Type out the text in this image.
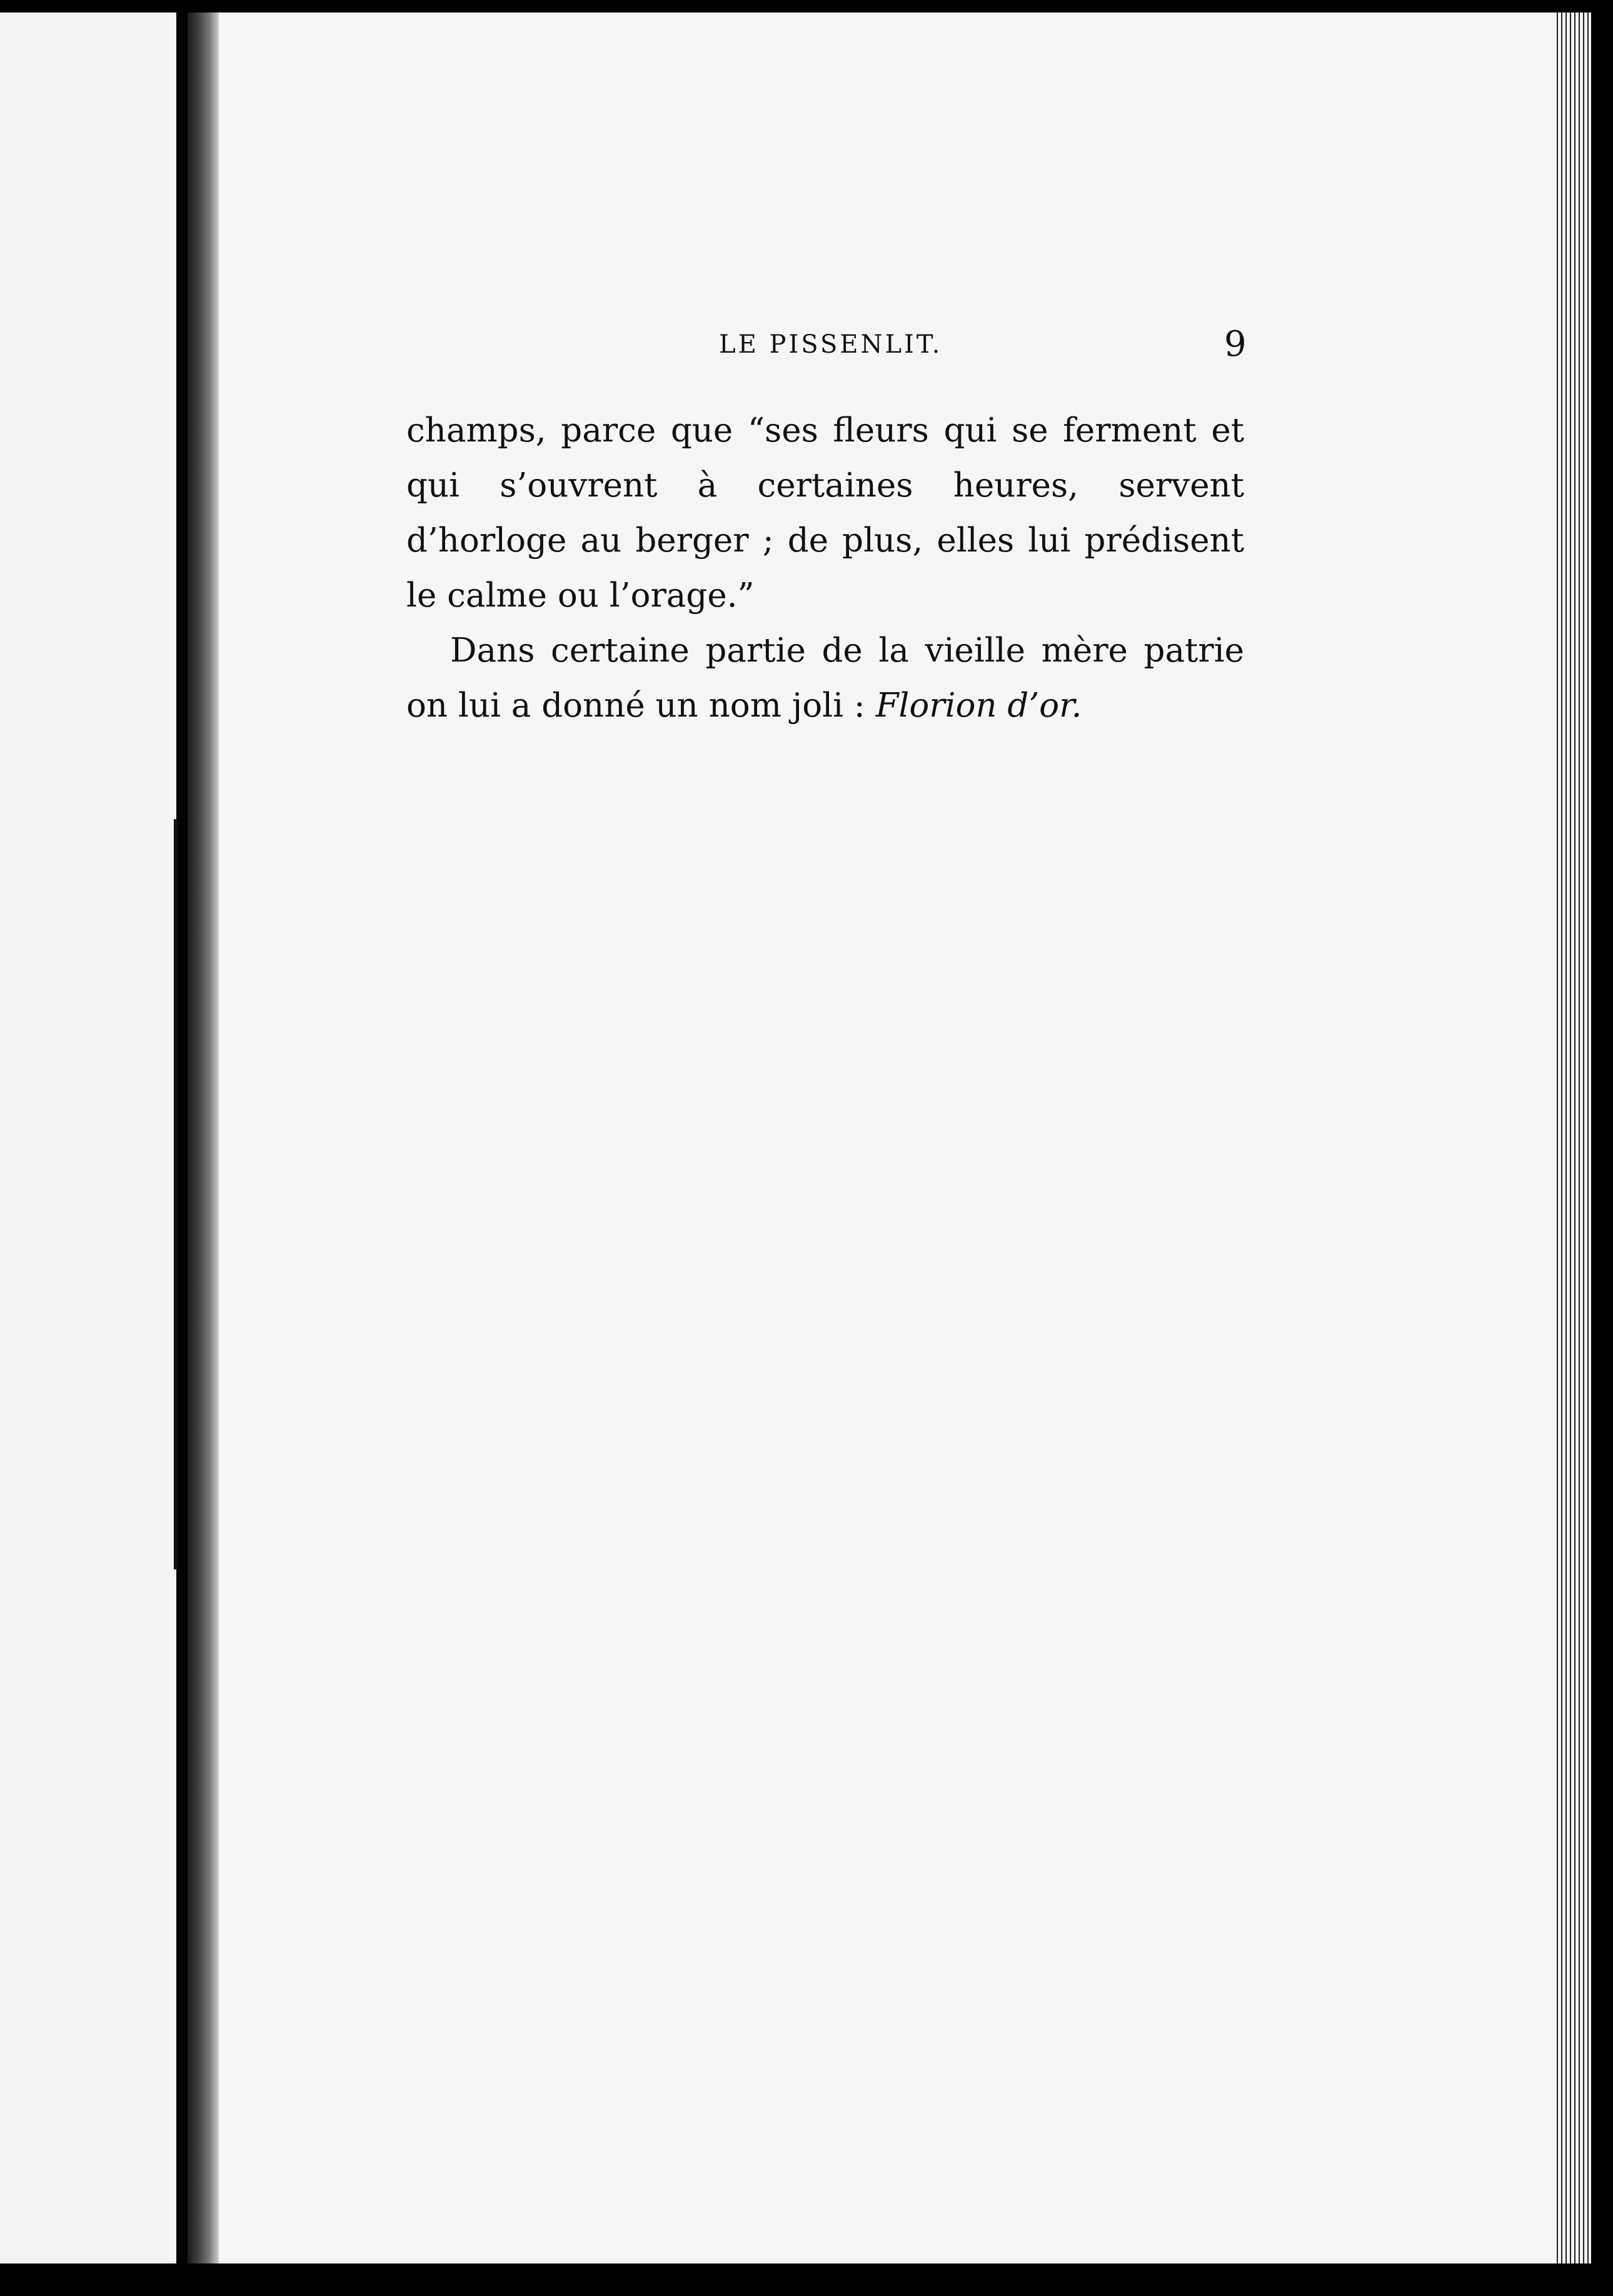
LE PISSENLIT.	9

champs, parce que “ses fleurs qui se ferment et qui s’ouvrent à certaines heures, servent d’horloge au berger ; de plus, elles lui prédisent le calme ou l’orage.”

Dans certaine partie de la vieille mère patrie on lui a donné un nom joli : Florion d’or.
